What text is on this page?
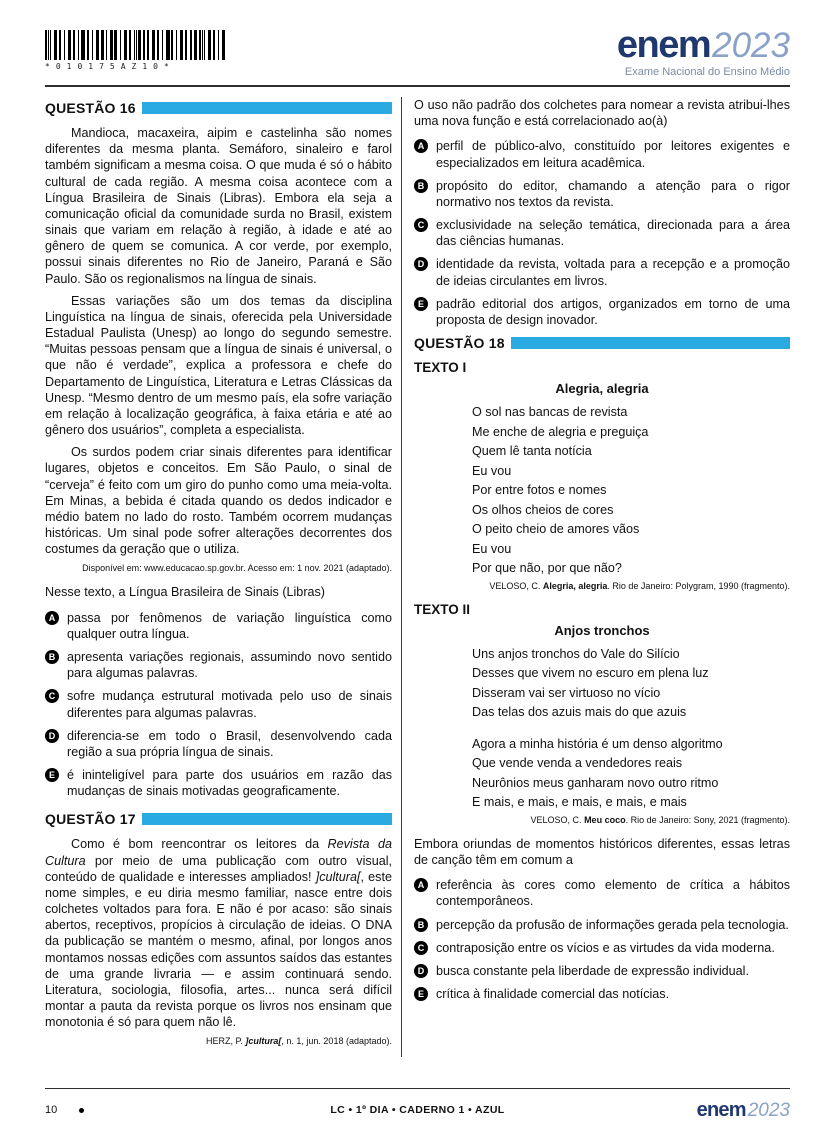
*010175AZ10*
enem2023
Exame Nacional do Ensino Médio
QUESTÃO 16

Mandioca, macaxeira, aipim e castelinha são nomes diferentes da mesma planta. Semáforo, sinaleiro e farol também significam a mesma coisa. O que muda é só o hábito cultural de cada região. A mesma coisa acontece com a Língua Brasileira de Sinais (Libras). Embora ela seja a comunicação oficial da comunidade surda no Brasil, existem sinais que variam em relação à região, à idade e até ao gênero de quem se comunica. A cor verde, por exemplo, possui sinais diferentes no Rio de Janeiro, Paraná e São Paulo. São os regionalismos na língua de sinais.

Essas variações são um dos temas da disciplina Linguística na língua de sinais, oferecida pela Universidade Estadual Paulista (Unesp) ao longo do segundo semestre. “Muitas pessoas pensam que a língua de sinais é universal, o que não é verdade”, explica a professora e chefe do Departamento de Linguística, Literatura e Letras Clássicas da Unesp. “Mesmo dentro de um mesmo país, ela sofre variação em relação à localização geográfica, à faixa etária e até ao gênero dos usuários”, completa a especialista.

Os surdos podem criar sinais diferentes para identificar lugares, objetos e conceitos. Em São Paulo, o sinal de “cerveja” é feito com um giro do punho como uma meia-volta. Em Minas, a bebida é citada quando os dedos indicador e médio batem no lado do rosto. Também ocorrem mudanças históricas. Um sinal pode sofrer alterações decorrentes dos costumes da geração que o utiliza.

Disponível em: www.educacao.sp.gov.br. Acesso em: 1 nov. 2021 (adaptado).

Nesse texto, a Língua Brasileira de Sinais (Libras)

A passa por fenômenos de variação linguística como qualquer outra língua.
B apresenta variações regionais, assumindo novo sentido para algumas palavras.
C sofre mudança estrutural motivada pelo uso de sinais diferentes para algumas palavras.
D diferencia-se em todo o Brasil, desenvolvendo cada região a sua própria língua de sinais.
E é ininteligível para parte dos usuários em razão das mudanças de sinais motivadas geograficamente.
QUESTÃO 17

Como é bom reencontrar os leitores da Revista da Cultura por meio de uma publicação com outro visual, conteúdo de qualidade e interesses ampliados! ]cultura[, este nome simples, e eu diria mesmo familiar, nasce entre dois colchetes voltados para fora. E não é por acaso: são sinais abertos, receptivos, propícios à circulação de ideias. O DNA da publicação se mantém o mesmo, afinal, por longos anos montamos nossas edições com assuntos saídos das estantes de uma grande livraria — e assim continuará sendo. Literatura, sociologia, filosofia, artes... nunca será difícil montar a pauta da revista porque os livros nos ensinam que monotonia é só para quem não lê.

HERZ, P. ]cultura[, n. 1, jun. 2018 (adaptado).

O uso não padrão dos colchetes para nomear a revista atribui-lhes uma nova função e está correlacionado ao(à)

A perfil de público-alvo, constituído por leitores exigentes e especializados em leitura acadêmica.
B propósito do editor, chamando a atenção para o rigor normativo nos textos da revista.
C exclusividade na seleção temática, direcionada para a área das ciências humanas.
D identidade da revista, voltada para a recepção e a promoção de ideias circulantes em livros.
E padrão editorial dos artigos, organizados em torno de uma proposta de design inovador.
QUESTÃO 18
TEXTO I
Alegria, alegria
O sol nas bancas de revista
Me enche de alegria e preguiça
Quem lê tanta notícia
Eu vou
Por entre fotos e nomes
Os olhos cheios de cores
O peito cheio de amores vãos
Eu vou
Por que não, por que não?
VELOSO, C. Alegria, alegria. Rio de Janeiro: Polygram, 1990 (fragmento).
TEXTO II
Anjos tronchos
Uns anjos tronchos do Vale do Silício
Desses que vivem no escuro em plena luz
Disseram vai ser virtuoso no vício
Das telas dos azuis mais do que azuis
Agora a minha história é um denso algoritmo
Que vende venda a vendedores reais
Neurônios meus ganharam novo outro ritmo
E mais, e mais, e mais, e mais, e mais
VELOSO, C. Meu coco. Rio de Janeiro: Sony, 2021 (fragmento).

Embora oriundas de momentos históricos diferentes, essas letras de canção têm em comum a

A referência às cores como elemento de crítica a hábitos contemporâneos.
B percepção da profusão de informações gerada pela tecnologia.
C contraposição entre os vícios e as virtudes da vida moderna.
D busca constante pela liberdade de expressão individual.
E crítica à finalidade comercial das notícias.
10	LC • 1º DIA • CADERNO 1 • AZUL	enem 2023
